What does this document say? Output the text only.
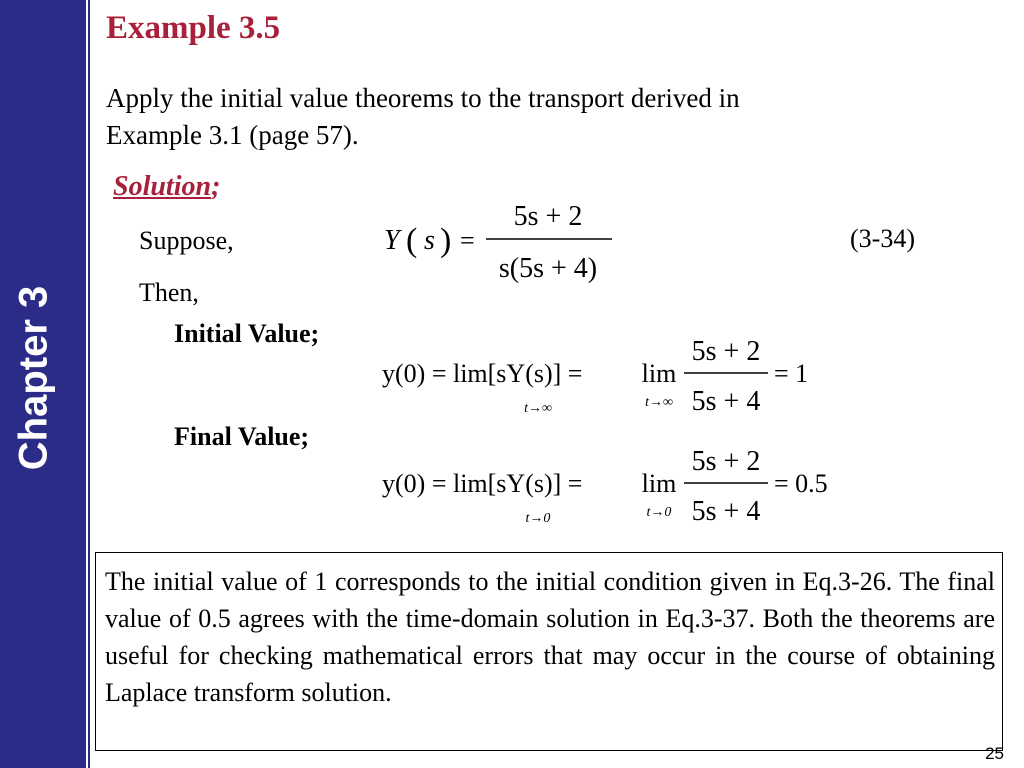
Chapter 3
Example 3.5
Apply the initial value theorems to the transport derived in
Example 3.1 (page 57).
Solution;
Suppose,
Then,
Initial Value;
Final Value;
Y ( s ) =
Y(s) =
5s + 2
s(5s + 4)
(3-34)
y(0) = lim[sY(s)] =
t→∞
lim
t→∞
5s + 2
5s + 4
= 1
y(0) = lim[sY(s)] =
t→0
lim
t→0
5s + 2
5s + 4
= 0.5
The initial value of 1 corresponds to the initial condition given in Eq.3-26. The final value of 0.5 agrees with the time-domain solution in Eq.3-37. Both the theorems are useful for checking mathematical errors that may occur in the course of obtaining Laplace transform solution.
25
